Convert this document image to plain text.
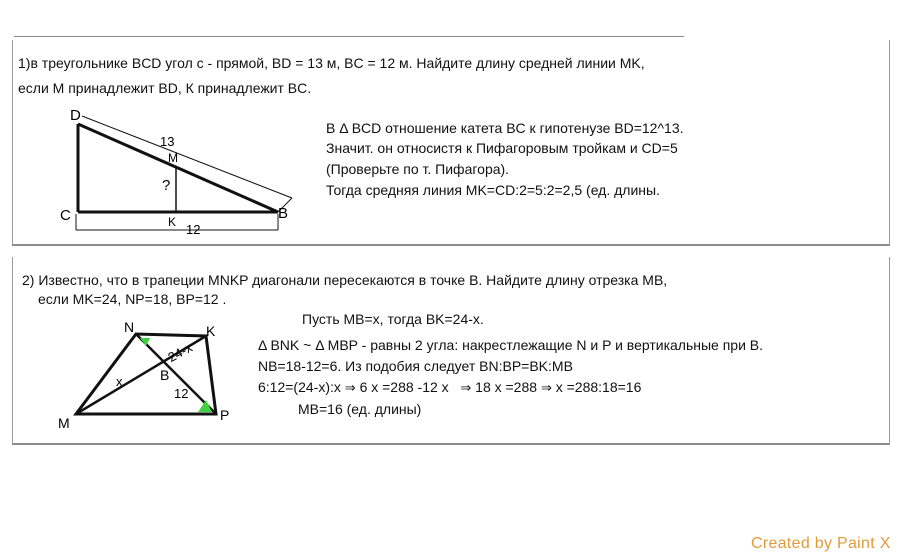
1)в треугольнике BCD угол с - прямой, BD = 13 м, BC = 12 м. Найдите длину средней линии MK,
если М принадлежит BD, К принадлежит BC.
D
C	B
M
K
?
13
12
В Δ BCD отношение катета BC к гипотенузе BD=12^13.
Значит. он относистя к Пифагоровым тройкам и CD=5
(Проверьте по т. Пифагора).
Тогда средняя линия MK=CD:2=5:2=2,5 (ед. длины.
2) Известно, что в трапеции MNKP диагонали пересекаются в точке B. Найдите длину отрезка MB,
если MK=24, NP=18, BP=12 .
N	K
M	P
B
x
24-x
12
Пусть MB=x, тогда BK=24-x.
Δ BNK ~ Δ MBP - равны 2 угла: накрестлежащие N и P и вертикальные при B.
NB=18-12=6. Из подобия следует BN:BP=BK:MB
6:12=(24-x):x ⇒ 6 x =288 -12 x ⇒ 18 x =288 ⇒ x =288:18=16
MB=16 (ед. длины)
Created by Paint X
